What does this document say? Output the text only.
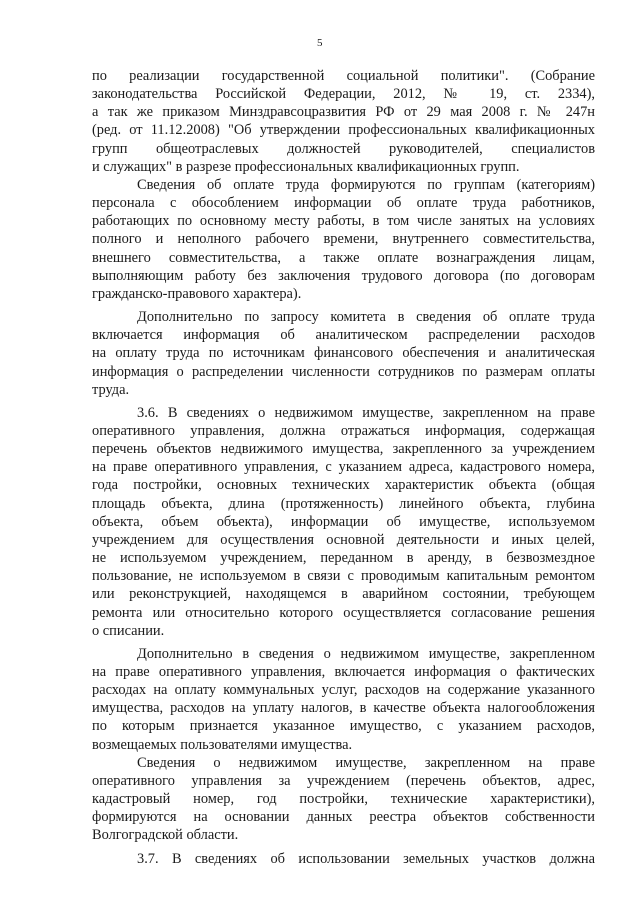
5

по реализации государственной социальной политики". (Собрание

законодательства Российской Федерации, 2012, № 19, ст. 2334),

а так же приказом Минздравсоцразвития РФ от 29 мая 2008 г. № 247н

(ред. от 11.12.2008) "Об утверждении профессиональных квалификационных

групп общеотраслевых должностей руководителей, специалистов

и служащих" в разрезе профессиональных квалификационных групп.

Сведения об оплате труда формируются по группам (категориям)

персонала с обособлением информации об оплате труда работников,

работающих по основному месту работы, в том числе занятых на условиях

полного и неполного рабочего времени, внутреннего совместительства,

внешнего совместительства, а также оплате вознаграждения лицам,

выполняющим работу без заключения трудового договора (по договорам

гражданско-правового характера).

Дополнительно по запросу комитета в сведения об оплате труда

включается информация об аналитическом распределении расходов

на оплату труда по источникам финансового обеспечения и аналитическая

информация о распределении численности сотрудников по размерам оплаты

труда.

3.6. В сведениях о недвижимом имуществе, закрепленном на праве

оперативного управления, должна отражаться информация, содержащая

перечень объектов недвижимого имущества, закрепленного за учреждением

на праве оперативного управления, с указанием адреса, кадастрового номера,

года постройки, основных технических характеристик объекта (общая

площадь объекта, длина (протяженность) линейного объекта, глубина

объекта, объем объекта), информации об имуществе, используемом

учреждением для осуществления основной деятельности и иных целей,

не используемом учреждением, переданном в аренду, в безвозмездное

пользование, не используемом в связи с проводимым капитальным ремонтом

или реконструкцией, находящемся в аварийном состоянии, требующем

ремонта или относительно которого осуществляется согласование решения

о списании.

Дополнительно в сведения о недвижимом имуществе, закрепленном

на праве оперативного управления, включается информация о фактических

расходах на оплату коммунальных услуг, расходов на содержание указанного

имущества, расходов на уплату налогов, в качестве объекта налогообложения

по которым признается указанное имущество, с указанием расходов,

возмещаемых пользователями имущества.

Сведения о недвижимом имуществе, закрепленном на праве

оперативного управления за учреждением (перечень объектов, адрес,

кадастровый номер, год постройки, технические характеристики),

формируются на основании данных реестра объектов собственности

Волгоградской области.

3.7. В сведениях об использовании земельных участков должна
